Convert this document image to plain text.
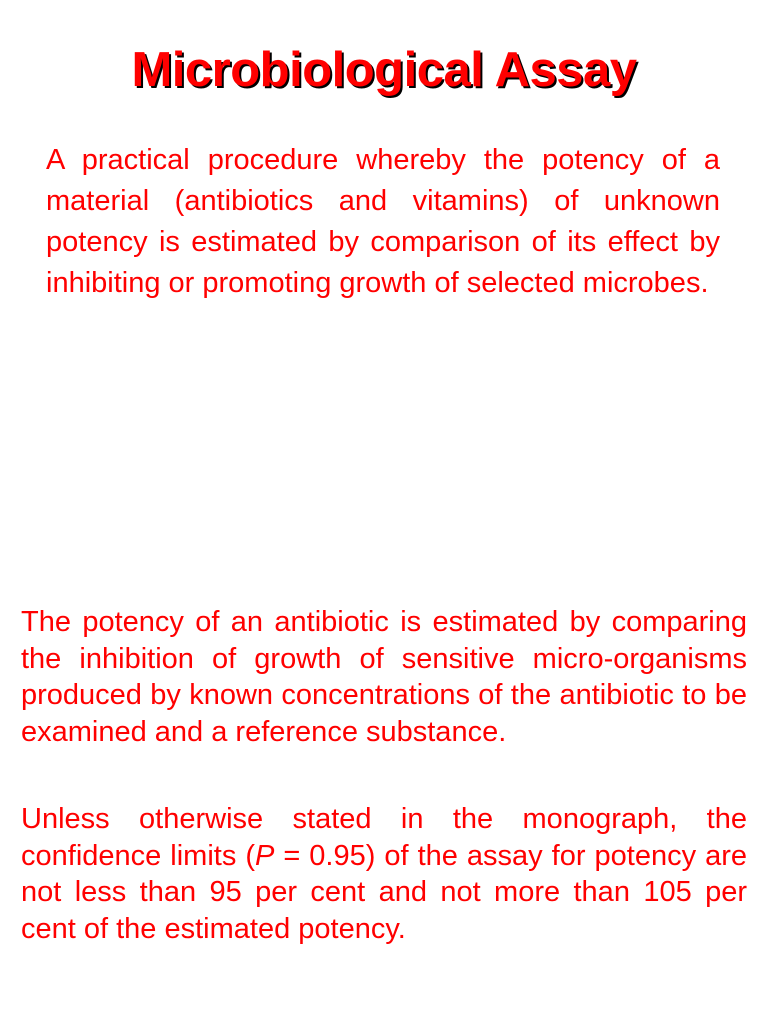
Microbiological Assay

A practical procedure whereby the potency of a material (antibiotics and vitamins) of unknown potency is estimated by comparison of its effect by inhibiting or promoting growth of selected microbes.

The potency of an antibiotic is estimated by comparing the inhibition of growth of sensitive micro-organisms produced by known concentrations of the antibiotic to be examined and a reference substance.

Unless otherwise stated in the monograph, the confidence limits (P = 0.95) of the assay for potency are not less than 95 per cent and not more than 105 per cent of the estimated potency.
